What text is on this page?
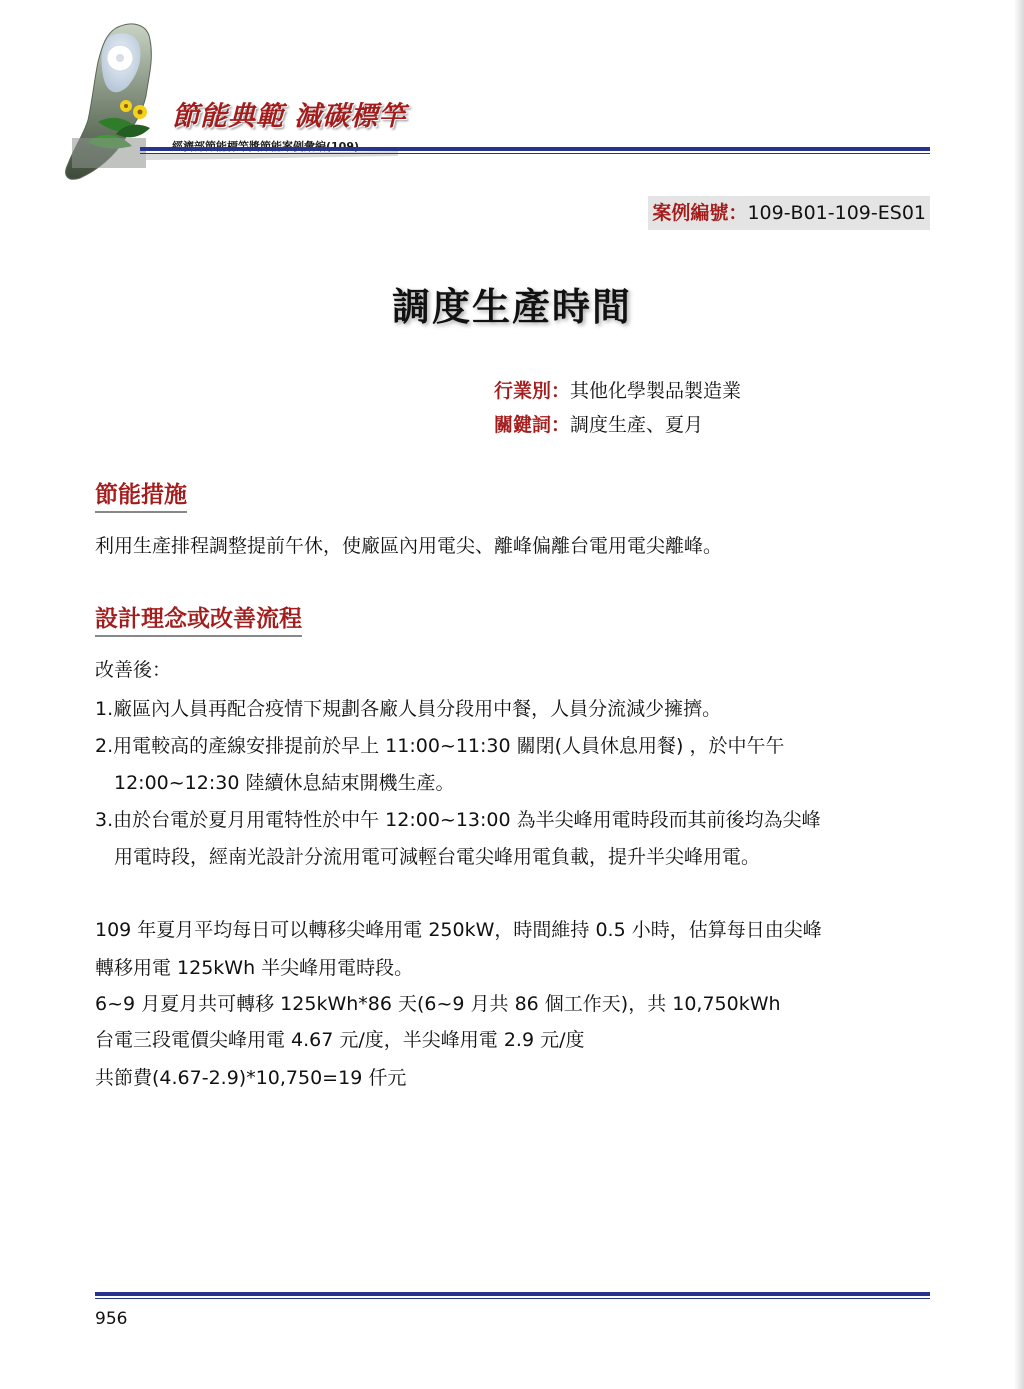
節能典範 減碳標竿
案例編號：109-B01-109-ES01
調度生產時間
行業別：其他化學製品製造業
關鍵詞：調度生產、夏月
節能措施
利用生產排程調整提前午休，使廠區內用電尖、離峰偏離台電用電尖離峰。
設計理念或改善流程
改善後：
1.廠區內人員再配合疫情下規劃各廠人員分段用中餐，人員分流減少擁擠。
2.用電較高的產線安排提前於早上 11:00~11:30 關閉(人員休息用餐) ，於中午午
12:00~12:30 陸續休息結束開機生產。
3.由於台電於夏月用電特性於中午 12:00~13:00 為半尖峰用電時段而其前後均為尖峰
用電時段，經南光設計分流用電可減輕台電尖峰用電負載，提升半尖峰用電。
109 年夏月平均每日可以轉移尖峰用電 250kW，時間維持 0.5 小時，估算每日由尖峰
轉移用電 125kWh 半尖峰用電時段。
6~9 月夏月共可轉移 125kWh*86 天(6~9 月共 86 個工作天)，共 10,750kWh
台電三段電價尖峰用電 4.67 元/度，半尖峰用電 2.9 元/度
共節費(4.67-2.9)*10,750=19 仟元
956
